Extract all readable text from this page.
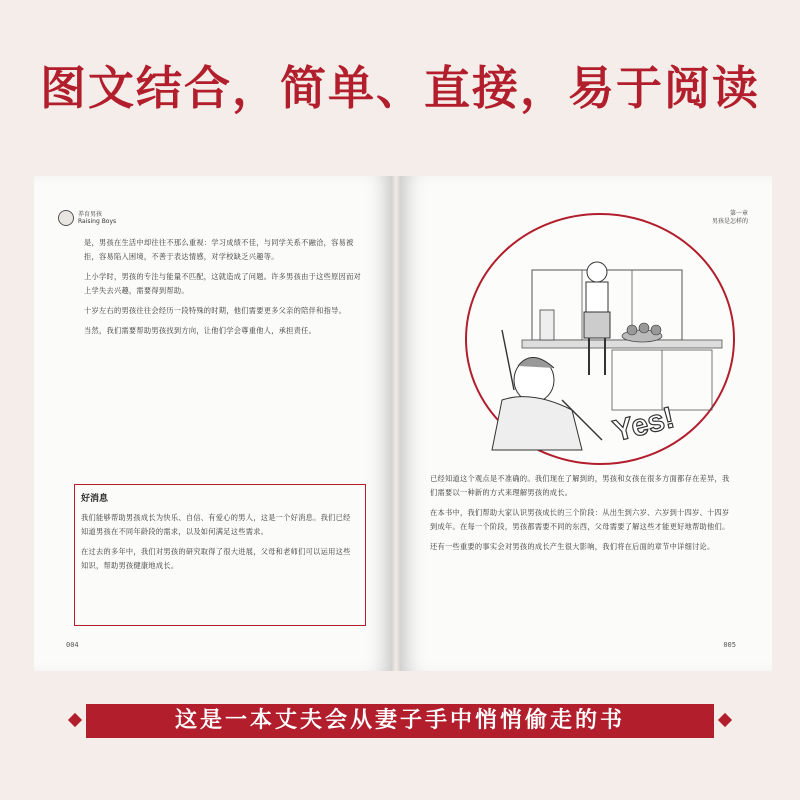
图文结合，简单、直接，易于阅读
养育男孩
Raising Boys

是，男孩在生活中却往往不那么重视：学习成绩不佳，与同学关系不融洽，容易被拒，容易陷入困境，不善于表达情感，对学校缺乏兴趣等。

上小学时，男孩的专注与能量不匹配，这就造成了问题。许多男孩由于这些原因而对上学失去兴趣，需要得到帮助。

十岁左右的男孩往往会经历一段特殊的时期，他们需要更多父亲的陪伴和指导。

当然，我们需要帮助男孩找到方向，让他们学会尊重他人，承担责任。

好消息

我们能够帮助男孩成长为快乐、自信、有爱心的男人，这是一个好消息。我们已经知道男孩在不同年龄段的需求，以及如何满足这些需求。

在过去的多年中，我们对男孩的研究取得了很大进展，父母和老师们可以运用这些知识，帮助男孩健康地成长。

004
第一章
男孩是怎样的
Yes!

已经知道这个观点是不准确的。我们现在了解到的，男孩和女孩在很多方面都存在差异，我们需要以一种新的方式来理解男孩的成长。

在本书中，我们帮助大家认识男孩成长的三个阶段：从出生到六岁、六岁到十四岁、十四岁到成年。在每一个阶段，男孩都需要不同的东西，父母需要了解这些才能更好地帮助他们。

还有一些重要的事实会对男孩的成长产生很大影响，我们将在后面的章节中详细讨论。

005
这是一本丈夫会从妻子手中悄悄偷走的书
